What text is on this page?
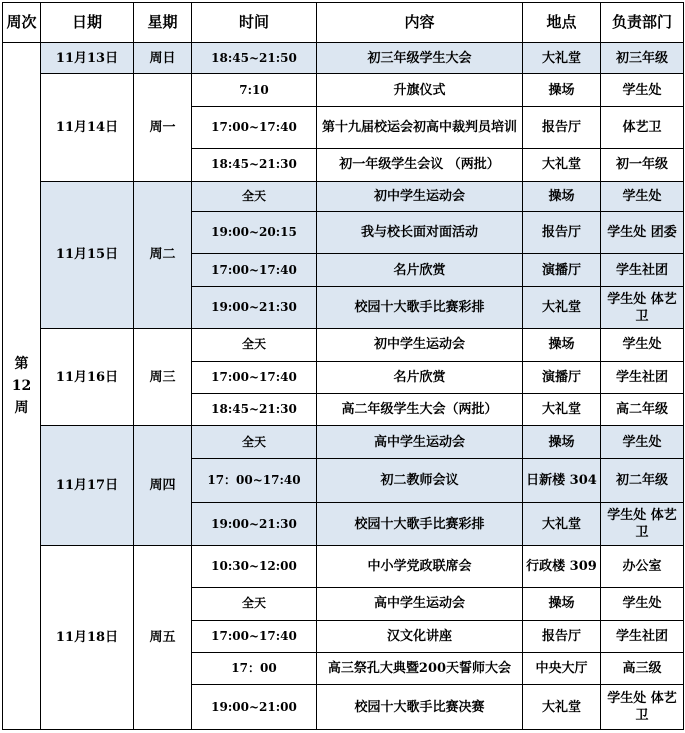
周次	日期	星期	时间	内容	地点	负责部门
第12周	11月13日	周日	18:45~21:50	初三年级学生大会	大礼堂	初三年级
	11月14日	周一	7:10	升旗仪式	操场	学生处
			17:00~17:40	第十九届校运会初高中裁判员培训	报告厅	体艺卫
			18:45~21:30	初一年级学生会议 （两批）	大礼堂	初一年级
	11月15日	周二	全天	初中学生运动会	操场	学生处
			19:00~20:15	我与校长面对面活动	报告厅	学生处 团委
			17:00~17:40	名片欣赏	演播厅	学生社团
			19:00~21:30	校园十大歌手比赛彩排	大礼堂	学生处 体艺卫
	11月16日	周三	全天	初中学生运动会	操场	学生处
			17:00~17:40	名片欣赏	演播厅	学生社团
			18:45~21:30	高二年级学生大会（两批）	大礼堂	高二年级
	11月17日	周四	全天	高中学生运动会	操场	学生处
			17：00~17:40	初二教师会议	日新楼 304	初二年级
			19:00~21:30	校园十大歌手比赛彩排	大礼堂	学生处 体艺卫
	11月18日	周五	10:30~12:00	中小学党政联席会	行政楼 309	办公室
			全天	高中学生运动会	操场	学生处
			17:00~17:40	汉文化讲座	报告厅	学生社团
			17：00	高三祭孔大典暨200天誓师大会	中央大厅	高三级
			19:00~21:00	校园十大歌手比赛决赛	大礼堂	学生处 体艺卫
